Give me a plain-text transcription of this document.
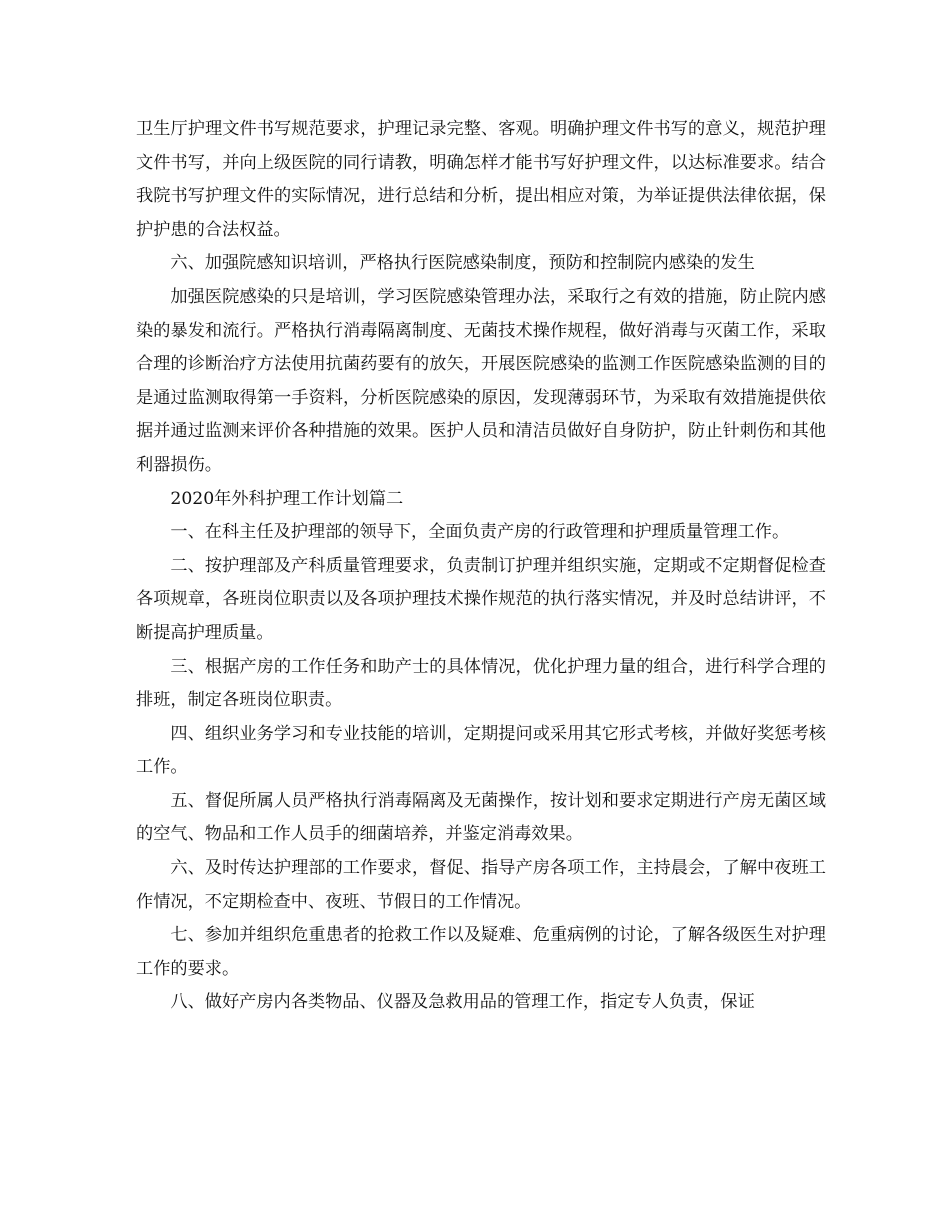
卫生厅护理文件书写规范要求，护理记录完整、客观。明确护理文件书写的意义，规范护理文件书写，并向上级医院的同行请教，明确怎样才能书写好护理文件，以达标准要求。结合我院书写护理文件的实际情况，进行总结和分析，提出相应对策，为举证提供法律依据，保护护患的合法权益。

六、加强院感知识培训，严格执行医院感染制度，预防和控制院内感染的发生

加强医院感染的只是培训，学习医院感染管理办法，采取行之有效的措施，防止院内感染的暴发和流行。严格执行消毒隔离制度、无菌技术操作规程，做好消毒与灭菌工作，采取合理的诊断治疗方法使用抗菌药要有的放矢，开展医院感染的监测工作医院感染监测的目的是通过监测取得第一手资料，分析医院感染的原因，发现薄弱环节，为采取有效措施提供依据并通过监测来评价各种措施的效果。医护人员和清洁员做好自身防护，防止针刺伤和其他利器损伤。

2020年外科护理工作计划篇二

一、在科主任及护理部的领导下，全面负责产房的行政管理和护理质量管理工作。

二、按护理部及产科质量管理要求，负责制订护理并组织实施，定期或不定期督促检查各项规章，各班岗位职责以及各项护理技术操作规范的执行落实情况，并及时总结讲评，不断提高护理质量。

三、根据产房的工作任务和助产士的具体情况，优化护理力量的组合，进行科学合理的排班，制定各班岗位职责。

四、组织业务学习和专业技能的培训，定期提问或采用其它形式考核，并做好奖惩考核工作。

五、督促所属人员严格执行消毒隔离及无菌操作，按计划和要求定期进行产房无菌区域的空气、物品和工作人员手的细菌培养，并鉴定消毒效果。

六、及时传达护理部的工作要求，督促、指导产房各项工作，主持晨会，了解中夜班工作情况，不定期检查中、夜班、节假日的工作情况。

七、参加并组织危重患者的抢救工作以及疑难、危重病例的讨论，了解各级医生对护理工作的要求。

八、做好产房内各类物品、仪器及急救用品的管理工作，指定专人负责，保证
